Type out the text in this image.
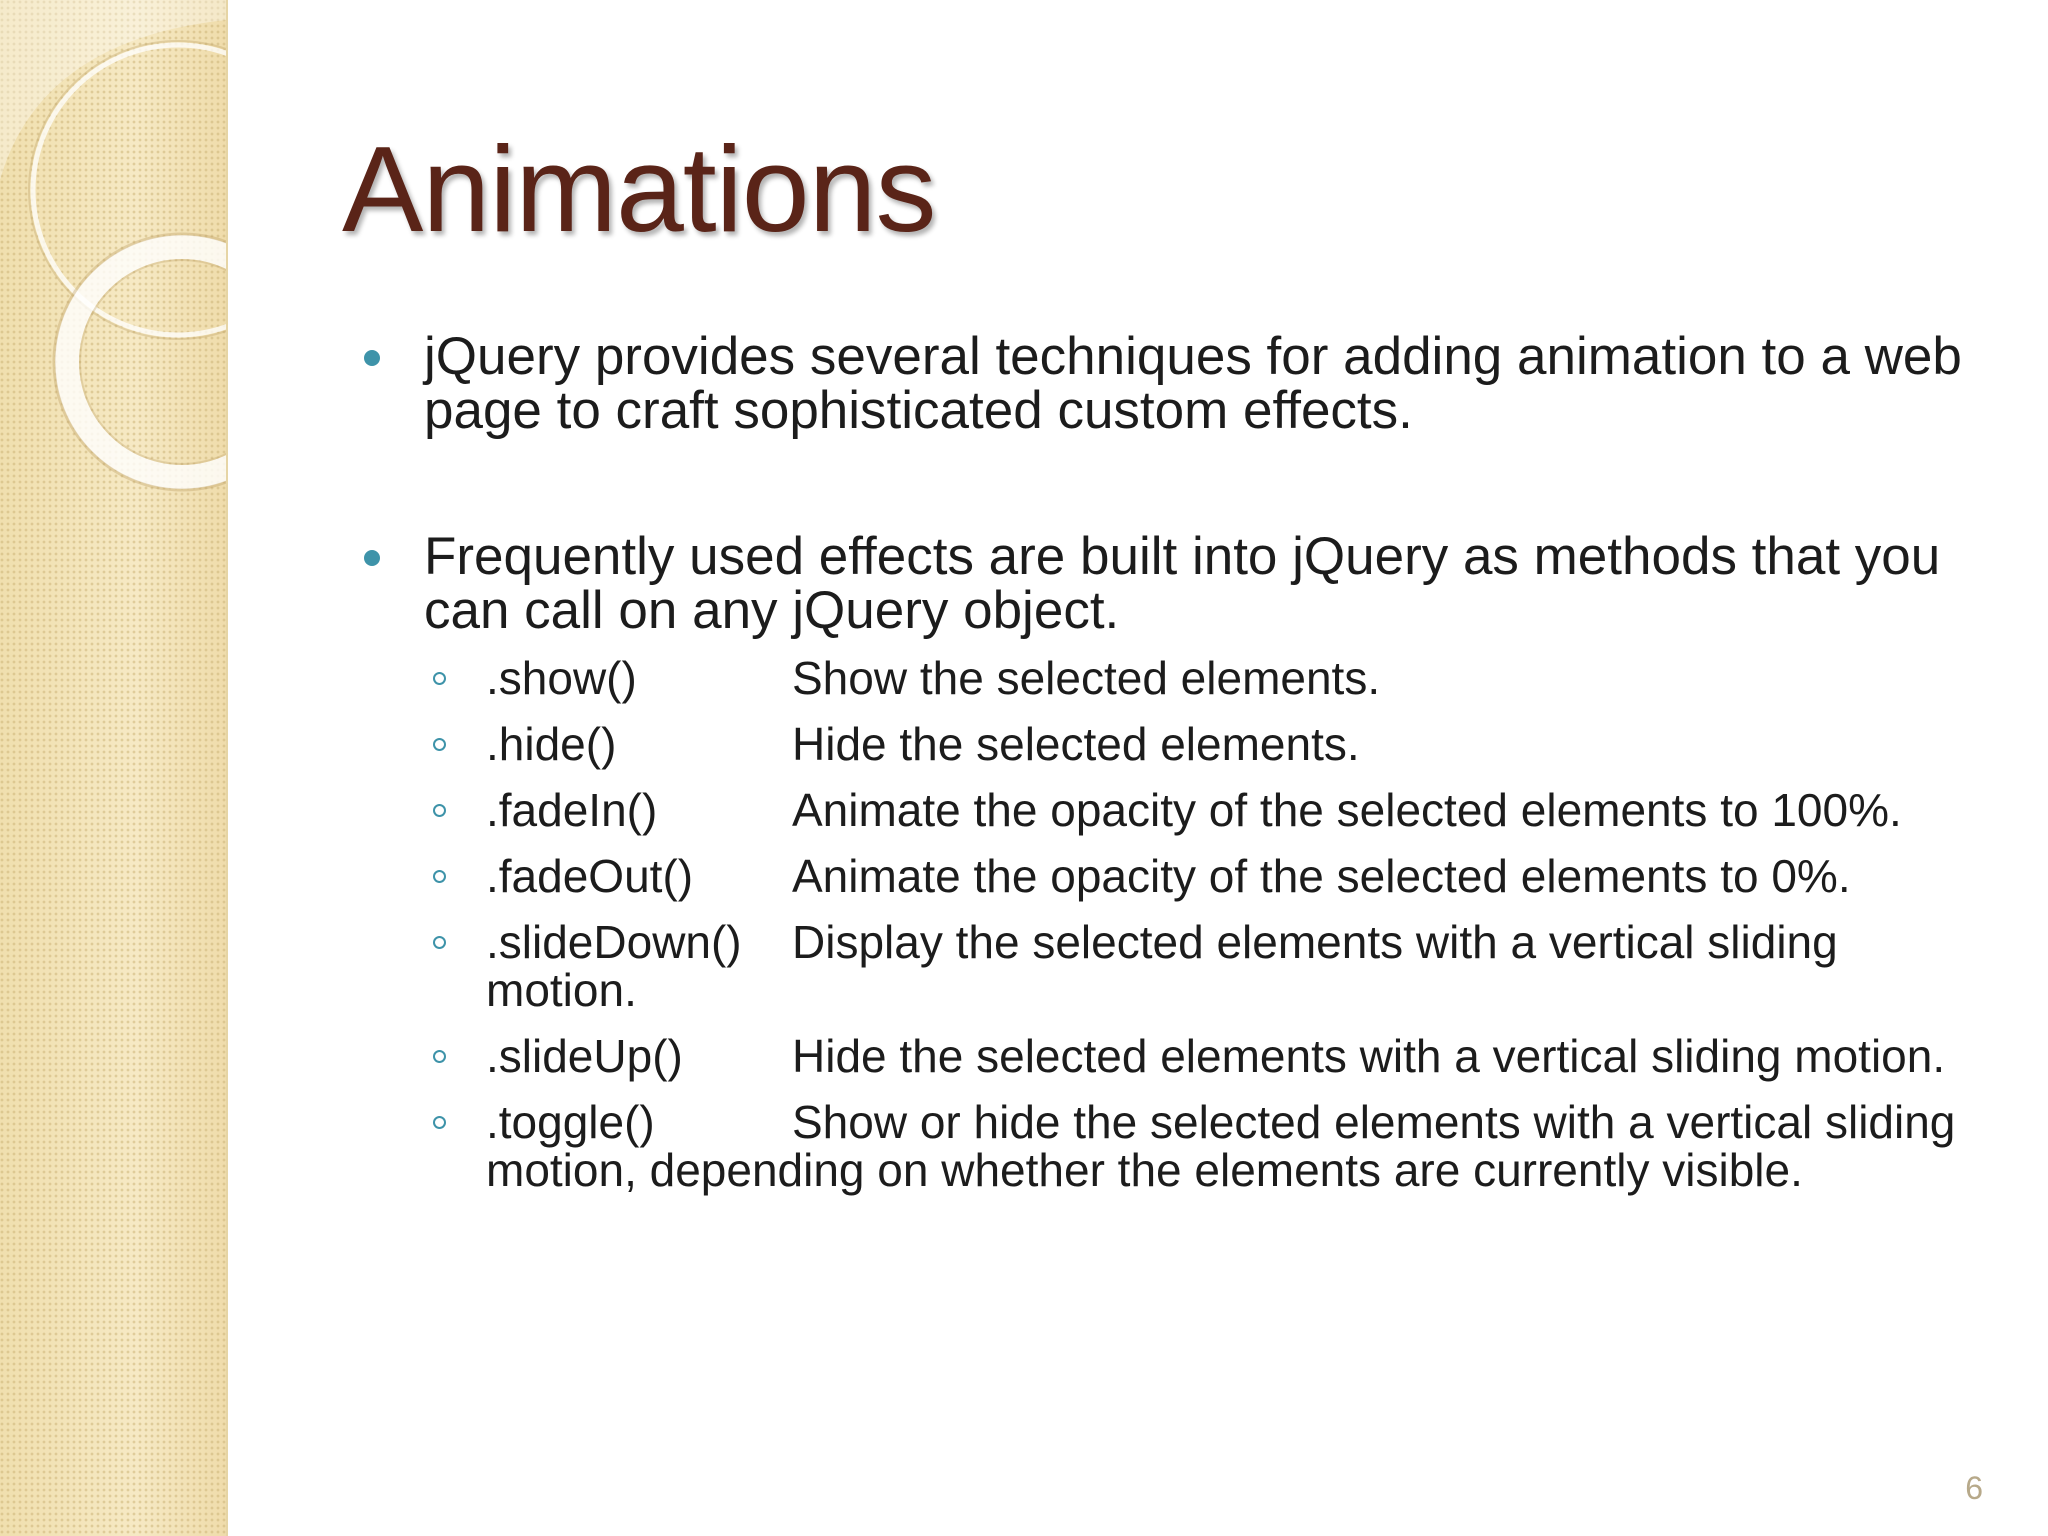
Animations
jQuery provides several techniques for adding animation to a web page to craft sophisticated custom effects.
Frequently used effects are built into jQuery as methods that you can call on any jQuery object.
.show()	Show the selected elements.
.hide()	Hide the selected elements.
.fadeIn()	Animate the opacity of the selected elements to 100%.
.fadeOut() Animate the opacity of the selected elements to 0%.
.slideDown() Display the selected elements with a vertical sliding motion.
.slideUp() Hide the selected elements with a vertical sliding motion.
.toggle()	Show or hide the selected elements with a vertical sliding motion, depending on whether the elements are currently visible.
6
